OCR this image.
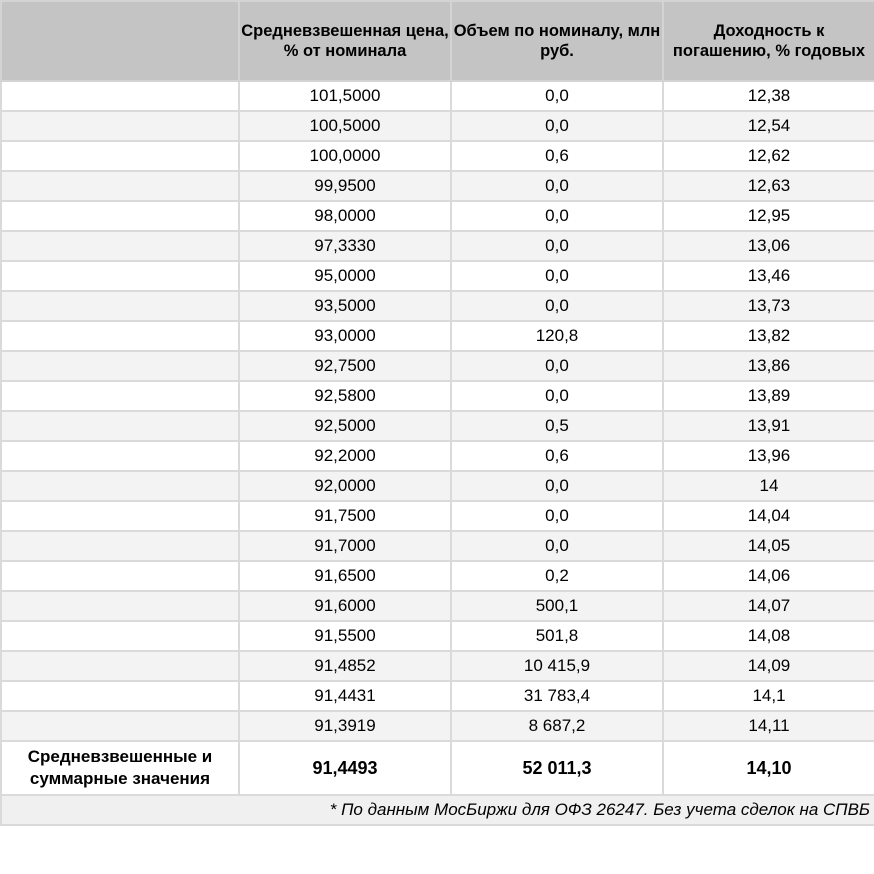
	Средневзвешенная цена, % от номинала	Объем по номиналу, млн руб.	Доходность к погашению, % годовых
	101,5000	0,0	12,38
	100,5000	0,0	12,54
	100,0000	0,6	12,62
	99,9500	0,0	12,63
	98,0000	0,0	12,95
	97,3330	0,0	13,06
	95,0000	0,0	13,46
	93,5000	0,0	13,73
	93,0000	120,8	13,82
	92,7500	0,0	13,86
	92,5800	0,0	13,89
	92,5000	0,5	13,91
	92,2000	0,6	13,96
	92,0000	0,0	14
	91,7500	0,0	14,04
	91,7000	0,0	14,05
	91,6500	0,2	14,06
	91,6000	500,1	14,07
	91,5500	501,8	14,08
	91,4852	10 415,9	14,09
	91,4431	31 783,4	14,1
	91,3919	8 687,2	14,11
Средневзвешенные и суммарные значения	91,4493	52 011,3	14,10
* По данным МосБиржи для ОФЗ 26247. Без учета сделок на СПВБ			
